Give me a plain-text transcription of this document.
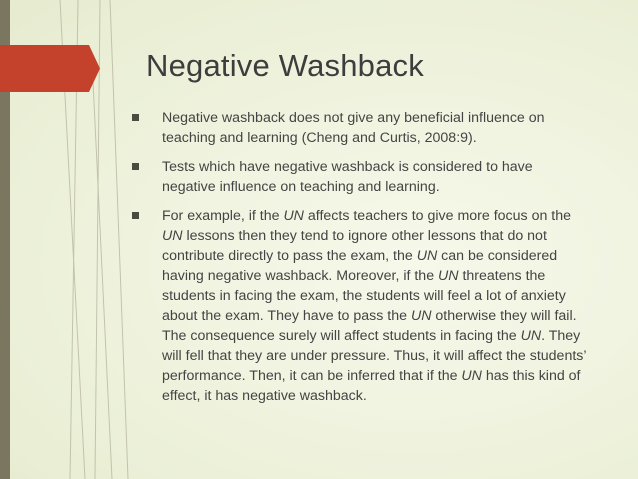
Negative Washback
Negative washback does not give any beneficial influence on teaching and learning (Cheng and Curtis, 2008:9).
Tests which have negative washback is considered to have negative influence on teaching and learning.
For example, if the UN affects teachers to give more focus on the UN lessons then they tend to ignore other lessons that do not contribute directly to pass the exam, the UN can be considered having negative washback. Moreover, if the UN threatens the students in facing the exam, the students will feel a lot of anxiety about the exam. They have to pass the UN otherwise they will fail. The consequence surely will affect students in facing the UN. They will fell that they are under pressure. Thus, it will affect the students’ performance. Then, it can be inferred that if the UN has this kind of effect, it has negative washback.
